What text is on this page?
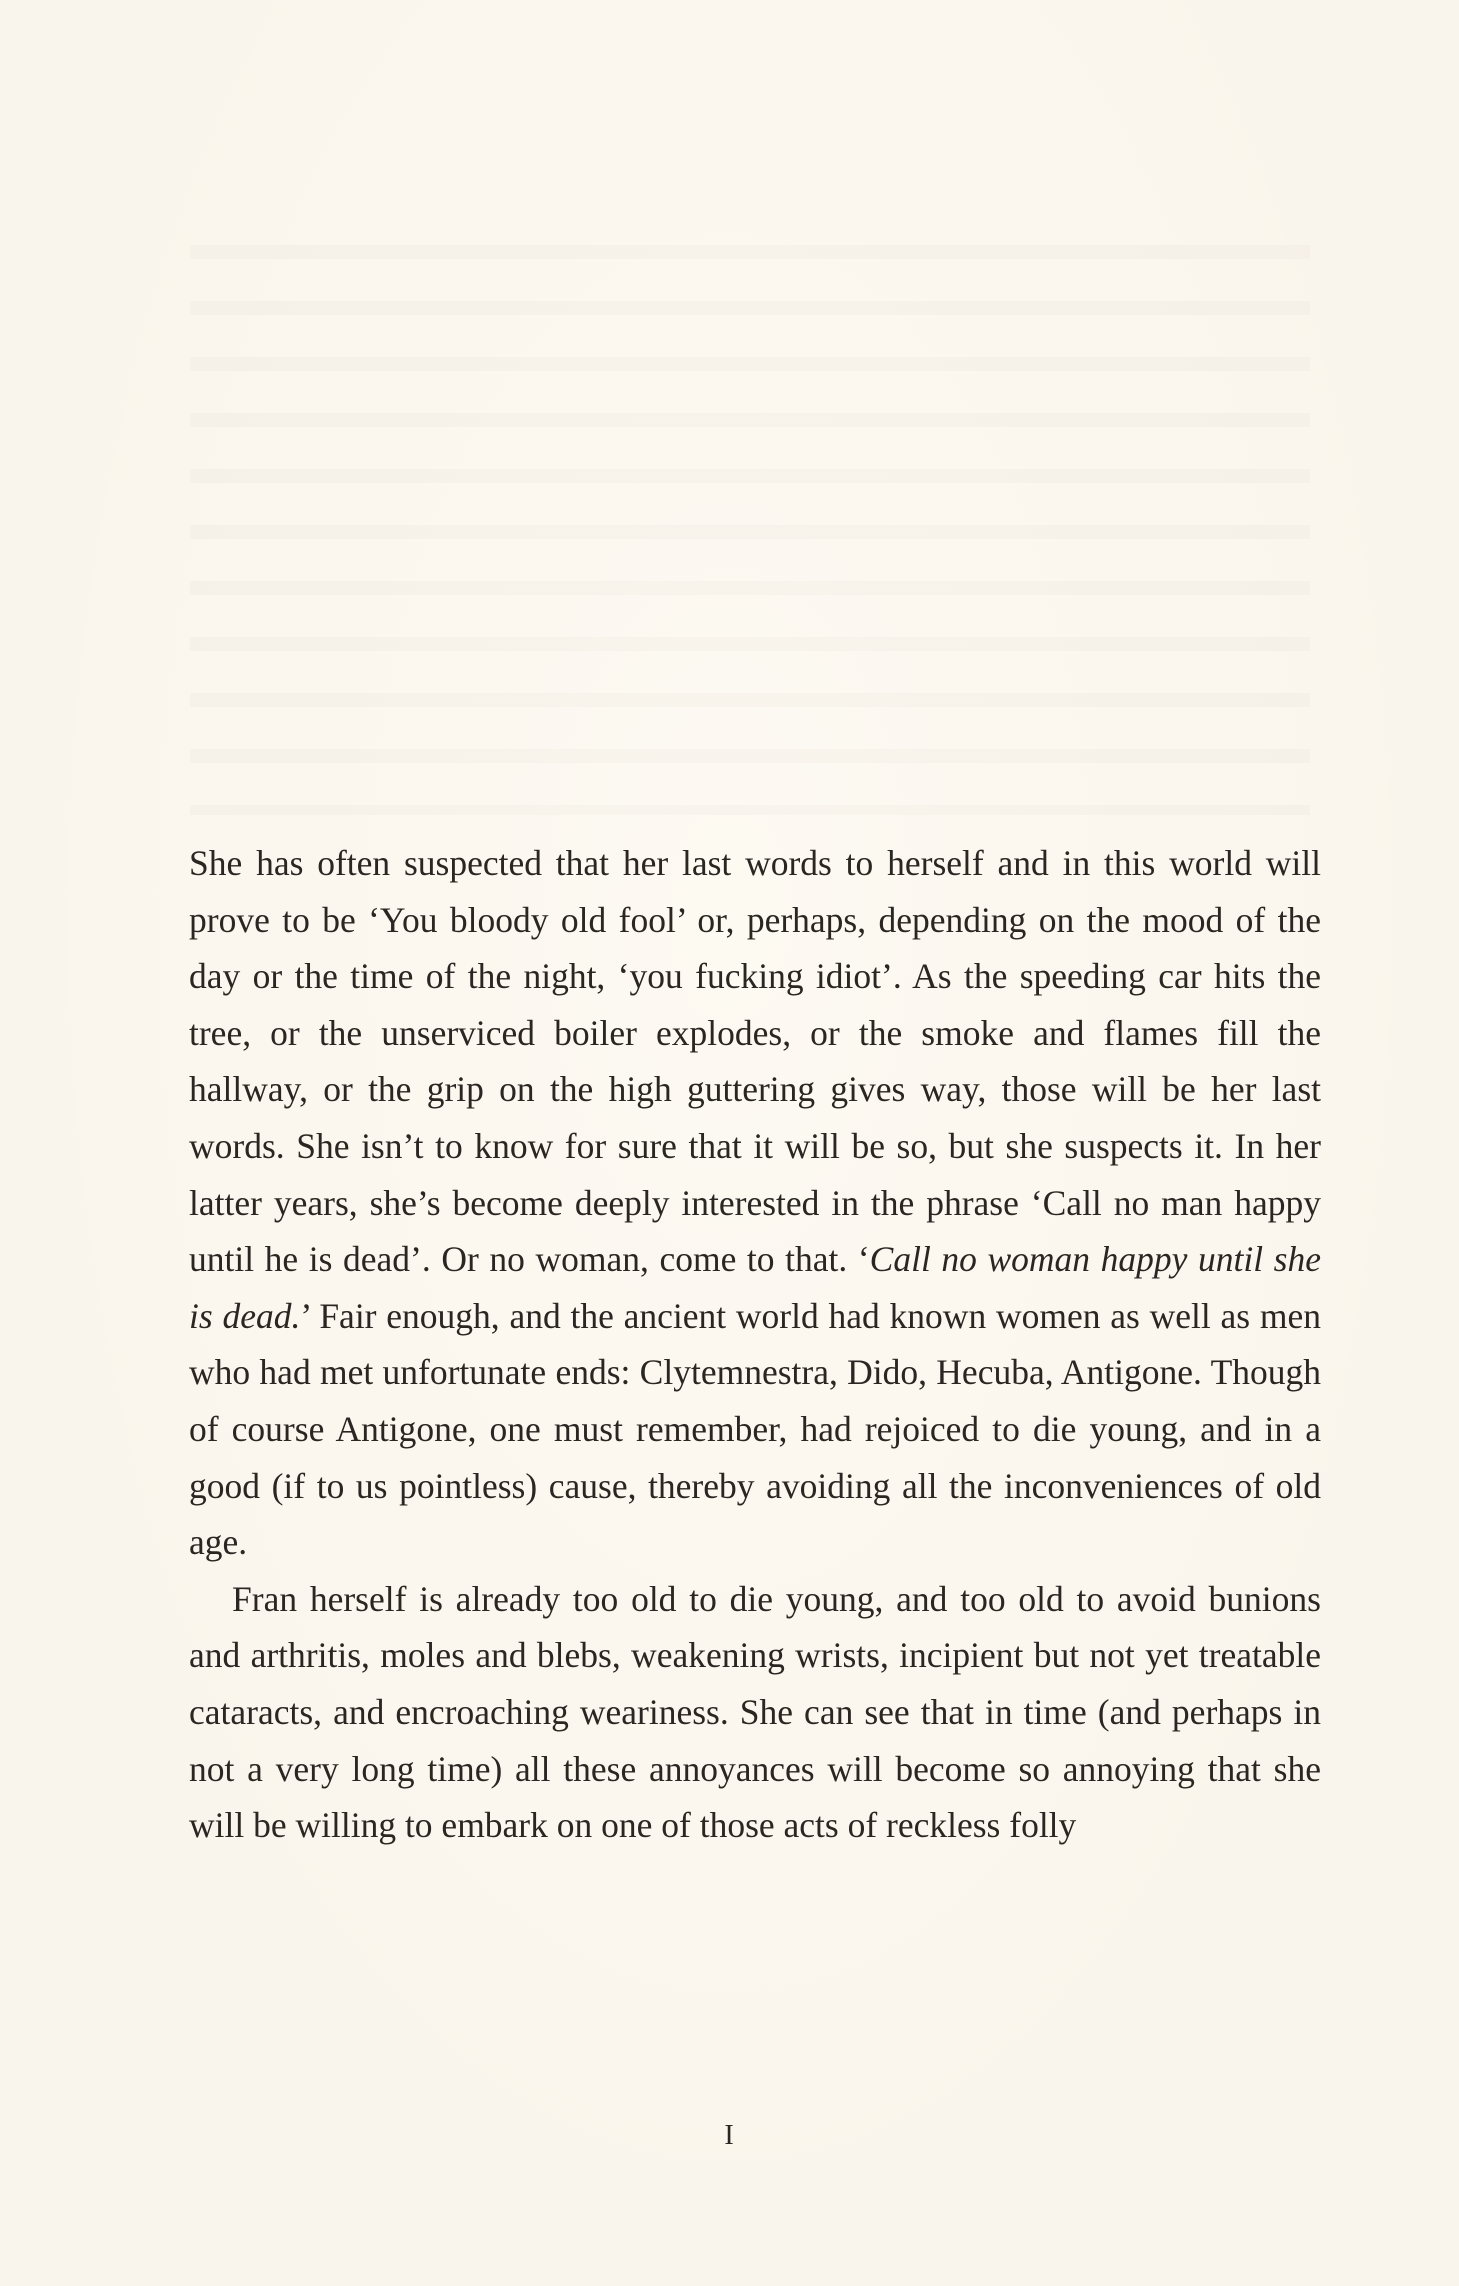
She has often suspected that her last words to herself and in this world will prove to be ‘You bloody old fool’ or, perhaps, depending on the mood of the day or the time of the night, ‘you fucking idiot’. As the speeding car hits the tree, or the unserviced boiler explodes, or the smoke and flames fill the hallway, or the grip on the high guttering gives way, those will be her last words. She isn’t to know for sure that it will be so, but she suspects it. In her latter years, she’s become deeply interested in the phrase ‘Call no man happy until he is dead’. Or no woman, come to that. ‘Call no woman happy until she is dead.’ Fair enough, and the ancient world had known women as well as men who had met unfortunate ends: Clytemnestra, Dido, Hecuba, Antigone. Though of course Antigone, one must remember, had rejoiced to die young, and in a good (if to us pointless) cause, thereby avoiding all the inconveniences of old age.

Fran herself is already too old to die young, and too old to avoid bunions and arthritis, moles and blebs, weakening wrists, incipient but not yet treatable cataracts, and encroaching weariness. She can see that in time (and perhaps in not a very long time) all these annoyances will become so annoying that she will be willing to embark on one of those acts of reckless folly

I
